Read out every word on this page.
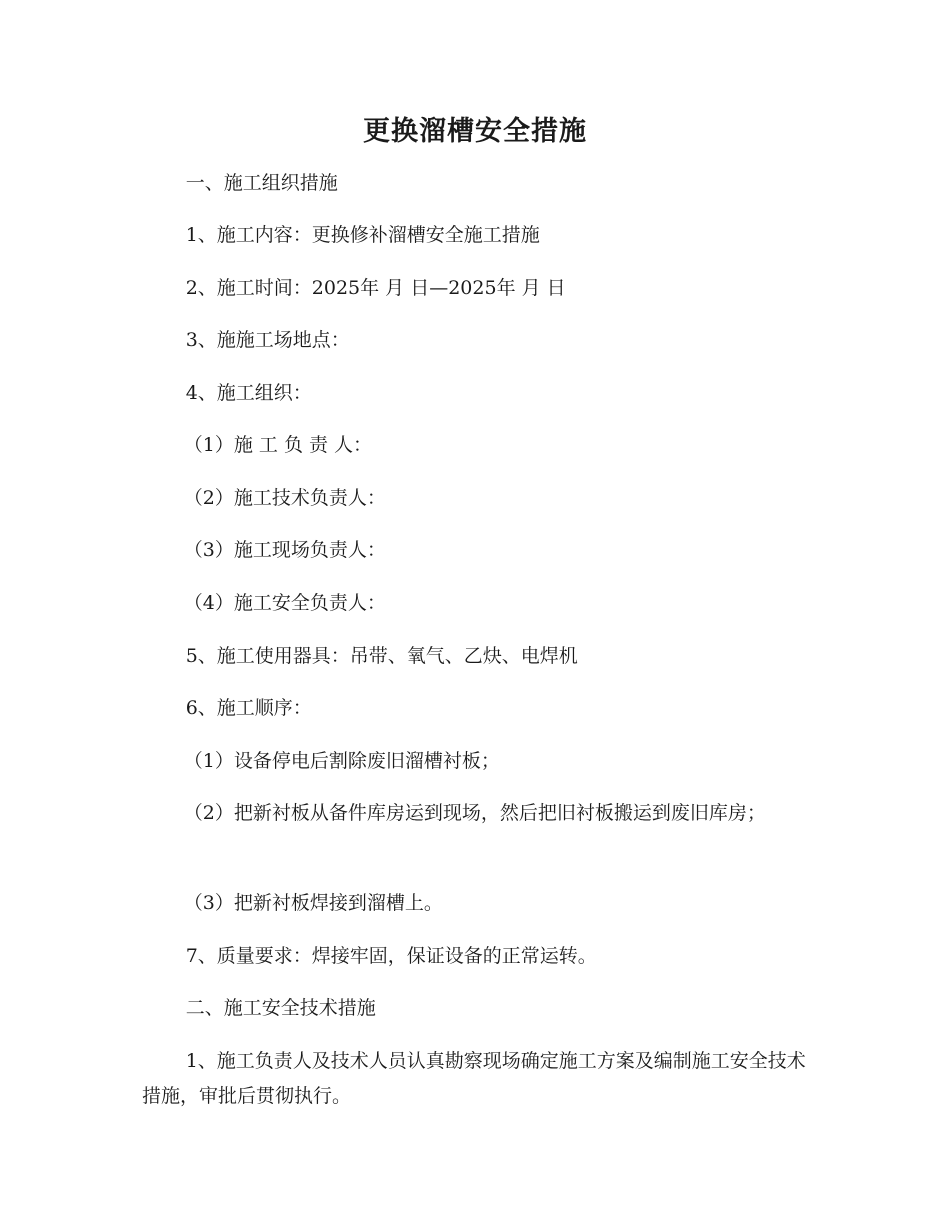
更换溜槽安全措施
一、施工组织措施
1、施工内容：更换修补溜槽安全施工措施
2、施工时间：2025年 月 日—2025年 月 日
3、施施工场地点：
4、施工组织：
（1）施 工 负 责 人：
（2）施工技术负责人：
（3）施工现场负责人：
（4）施工安全负责人：
5、施工使用器具：吊带、氧气、乙炔、电焊机
6、施工顺序：
（1）设备停电后割除废旧溜槽衬板；
（2）把新衬板从备件库房运到现场，然后把旧衬板搬运到废旧库房；
（3）把新衬板焊接到溜槽上。
7、质量要求：焊接牢固，保证设备的正常运转。
二、施工安全技术措施
1、施工负责人及技术人员认真勘察现场确定施工方案及编制施工安全技术措施，审批后贯彻执行。
